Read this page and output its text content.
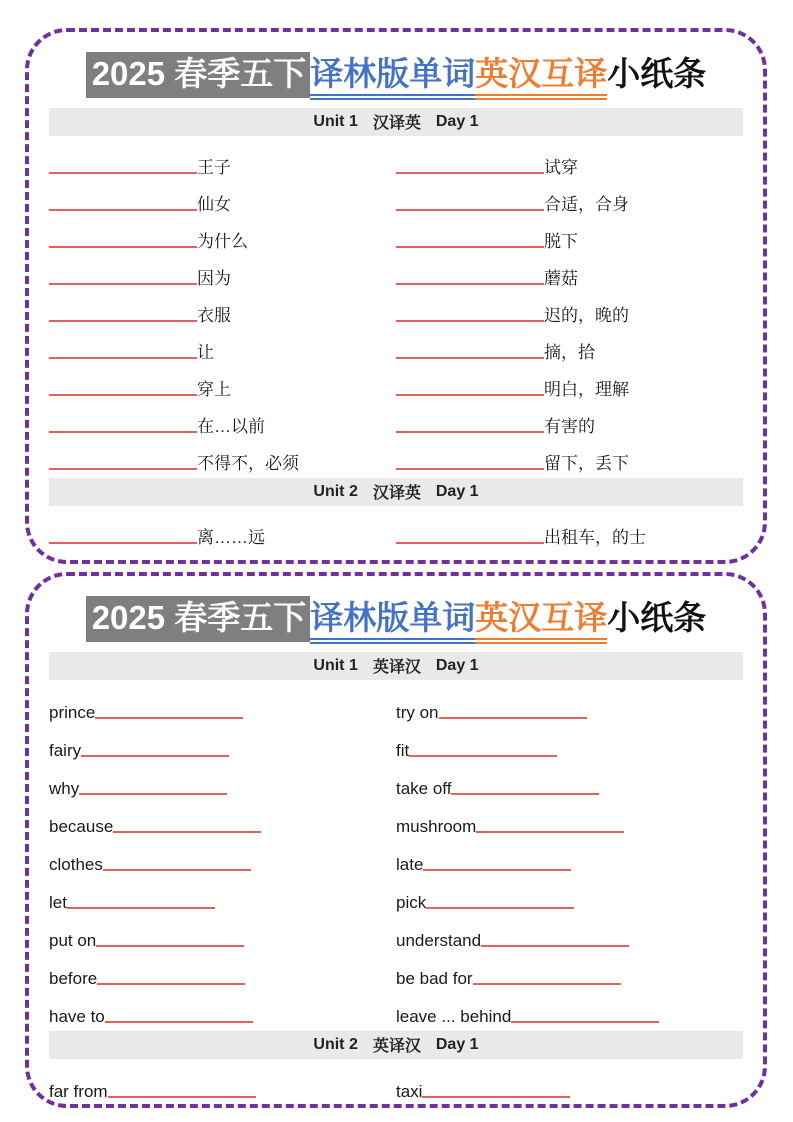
2025 春季五下 译林版单词英汉互译小纸条
Unit 1 汉译英 Day 1
王子	试穿
仙女	合适，合身
为什么	脱下
因为	蘑菇
衣服	迟的，晚的
让	摘，拾
穿上	明白，理解
在…以前	有害的
不得不，必须	留下，丢下
Unit 2 汉译英 Day 1
离……远	出租车，的士
2025 春季五下 译林版单词英汉互译小纸条
Unit 1 英译汉 Day 1
prince	try on
fairy	fit
why	take off
because	mushroom
clothes	late
let	pick
put on	understand
before	be bad for
have to	leave ... behind
Unit 2 英译汉 Day 1
far from	taxi
